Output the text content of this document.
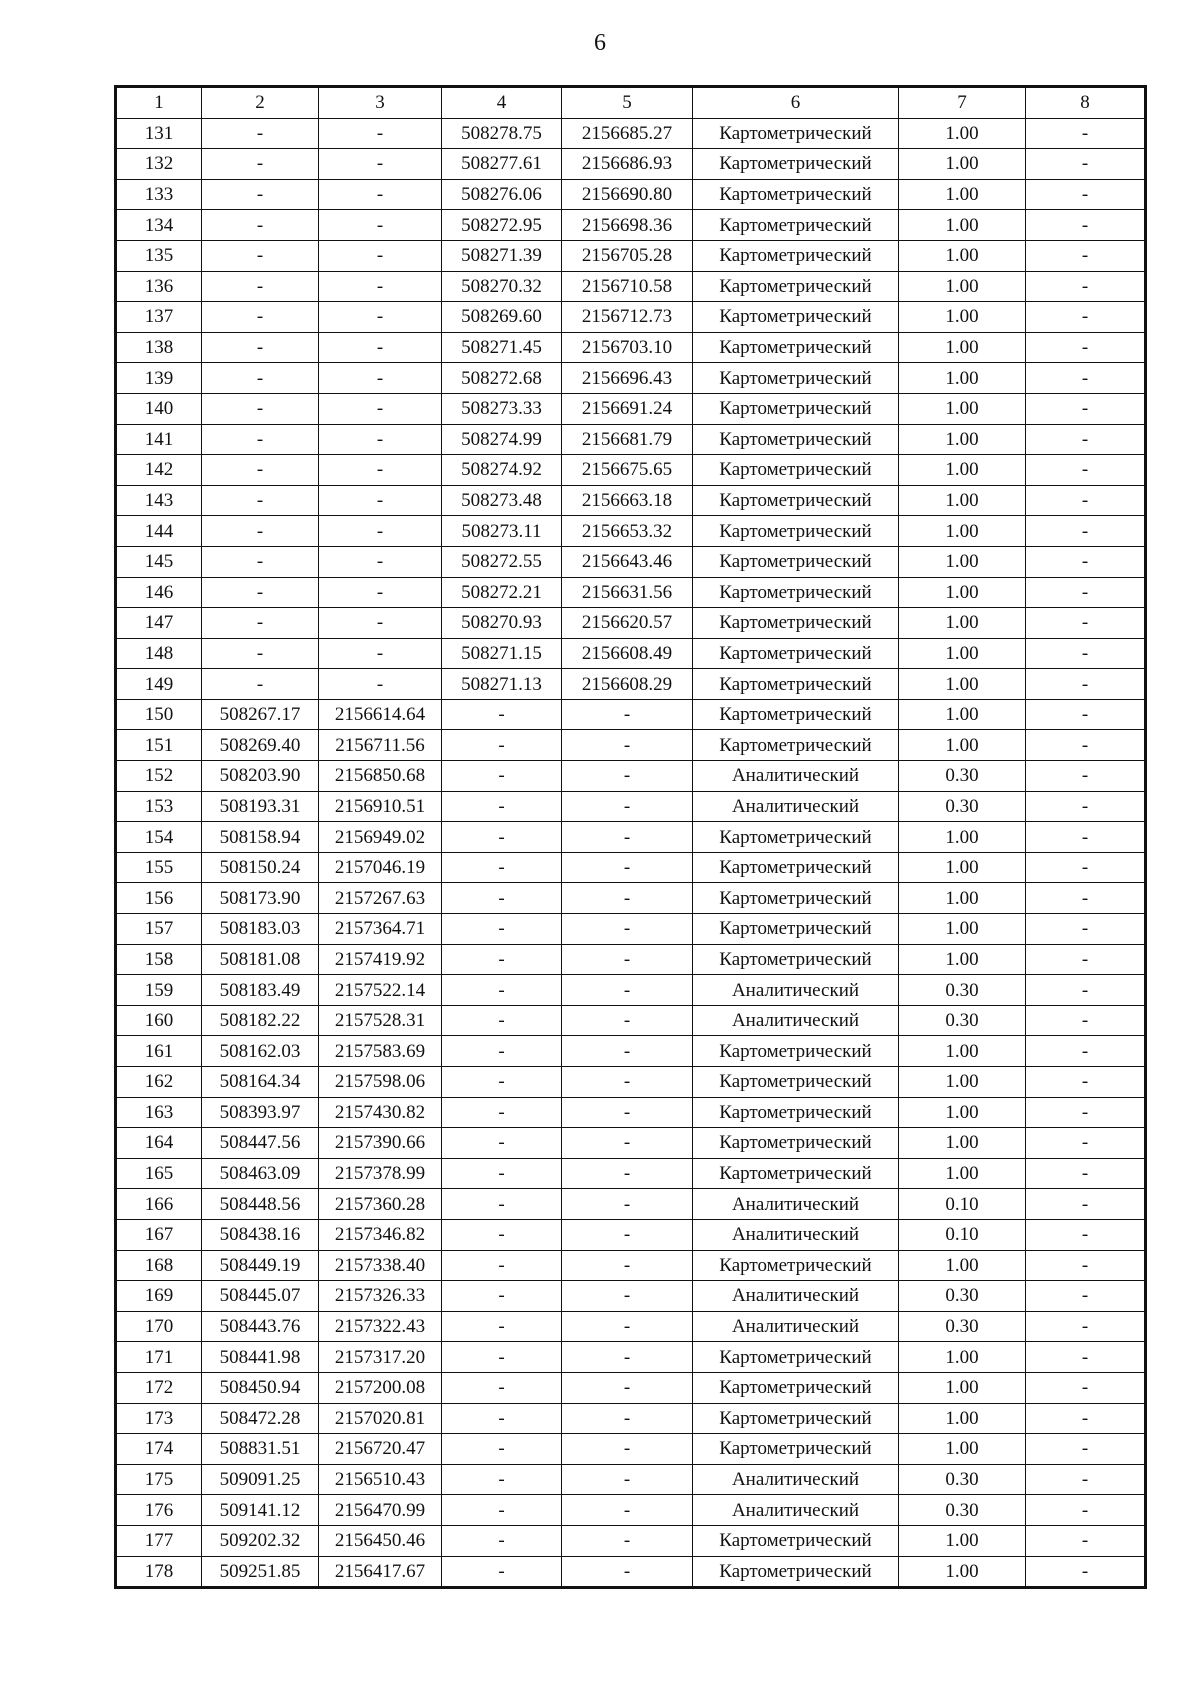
6
1	2	3	4	5	6	7	8
131	-	-	508278.75	2156685.27	Картометрический	1.00	-
132	-	-	508277.61	2156686.93	Картометрический	1.00	-
133	-	-	508276.06	2156690.80	Картометрический	1.00	-
134	-	-	508272.95	2156698.36	Картометрический	1.00	-
135	-	-	508271.39	2156705.28	Картометрический	1.00	-
136	-	-	508270.32	2156710.58	Картометрический	1.00	-
137	-	-	508269.60	2156712.73	Картометрический	1.00	-
138	-	-	508271.45	2156703.10	Картометрический	1.00	-
139	-	-	508272.68	2156696.43	Картометрический	1.00	-
140	-	-	508273.33	2156691.24	Картометрический	1.00	-
141	-	-	508274.99	2156681.79	Картометрический	1.00	-
142	-	-	508274.92	2156675.65	Картометрический	1.00	-
143	-	-	508273.48	2156663.18	Картометрический	1.00	-
144	-	-	508273.11	2156653.32	Картометрический	1.00	-
145	-	-	508272.55	2156643.46	Картометрический	1.00	-
146	-	-	508272.21	2156631.56	Картометрический	1.00	-
147	-	-	508270.93	2156620.57	Картометрический	1.00	-
148	-	-	508271.15	2156608.49	Картометрический	1.00	-
149	-	-	508271.13	2156608.29	Картометрический	1.00	-
150	508267.17	2156614.64	-	-	Картометрический	1.00	-
151	508269.40	2156711.56	-	-	Картометрический	1.00	-
152	508203.90	2156850.68	-	-	Аналитический	0.30	-
153	508193.31	2156910.51	-	-	Аналитический	0.30	-
154	508158.94	2156949.02	-	-	Картометрический	1.00	-
155	508150.24	2157046.19	-	-	Картометрический	1.00	-
156	508173.90	2157267.63	-	-	Картометрический	1.00	-
157	508183.03	2157364.71	-	-	Картометрический	1.00	-
158	508181.08	2157419.92	-	-	Картометрический	1.00	-
159	508183.49	2157522.14	-	-	Аналитический	0.30	-
160	508182.22	2157528.31	-	-	Аналитический	0.30	-
161	508162.03	2157583.69	-	-	Картометрический	1.00	-
162	508164.34	2157598.06	-	-	Картометрический	1.00	-
163	508393.97	2157430.82	-	-	Картометрический	1.00	-
164	508447.56	2157390.66	-	-	Картометрический	1.00	-
165	508463.09	2157378.99	-	-	Картометрический	1.00	-
166	508448.56	2157360.28	-	-	Аналитический	0.10	-
167	508438.16	2157346.82	-	-	Аналитический	0.10	-
168	508449.19	2157338.40	-	-	Картометрический	1.00	-
169	508445.07	2157326.33	-	-	Аналитический	0.30	-
170	508443.76	2157322.43	-	-	Аналитический	0.30	-
171	508441.98	2157317.20	-	-	Картометрический	1.00	-
172	508450.94	2157200.08	-	-	Картометрический	1.00	-
173	508472.28	2157020.81	-	-	Картометрический	1.00	-
174	508831.51	2156720.47	-	-	Картометрический	1.00	-
175	509091.25	2156510.43	-	-	Аналитический	0.30	-
176	509141.12	2156470.99	-	-	Аналитический	0.30	-
177	509202.32	2156450.46	-	-	Картометрический	1.00	-
178	509251.85	2156417.67	-	-	Картометрический	1.00	-
